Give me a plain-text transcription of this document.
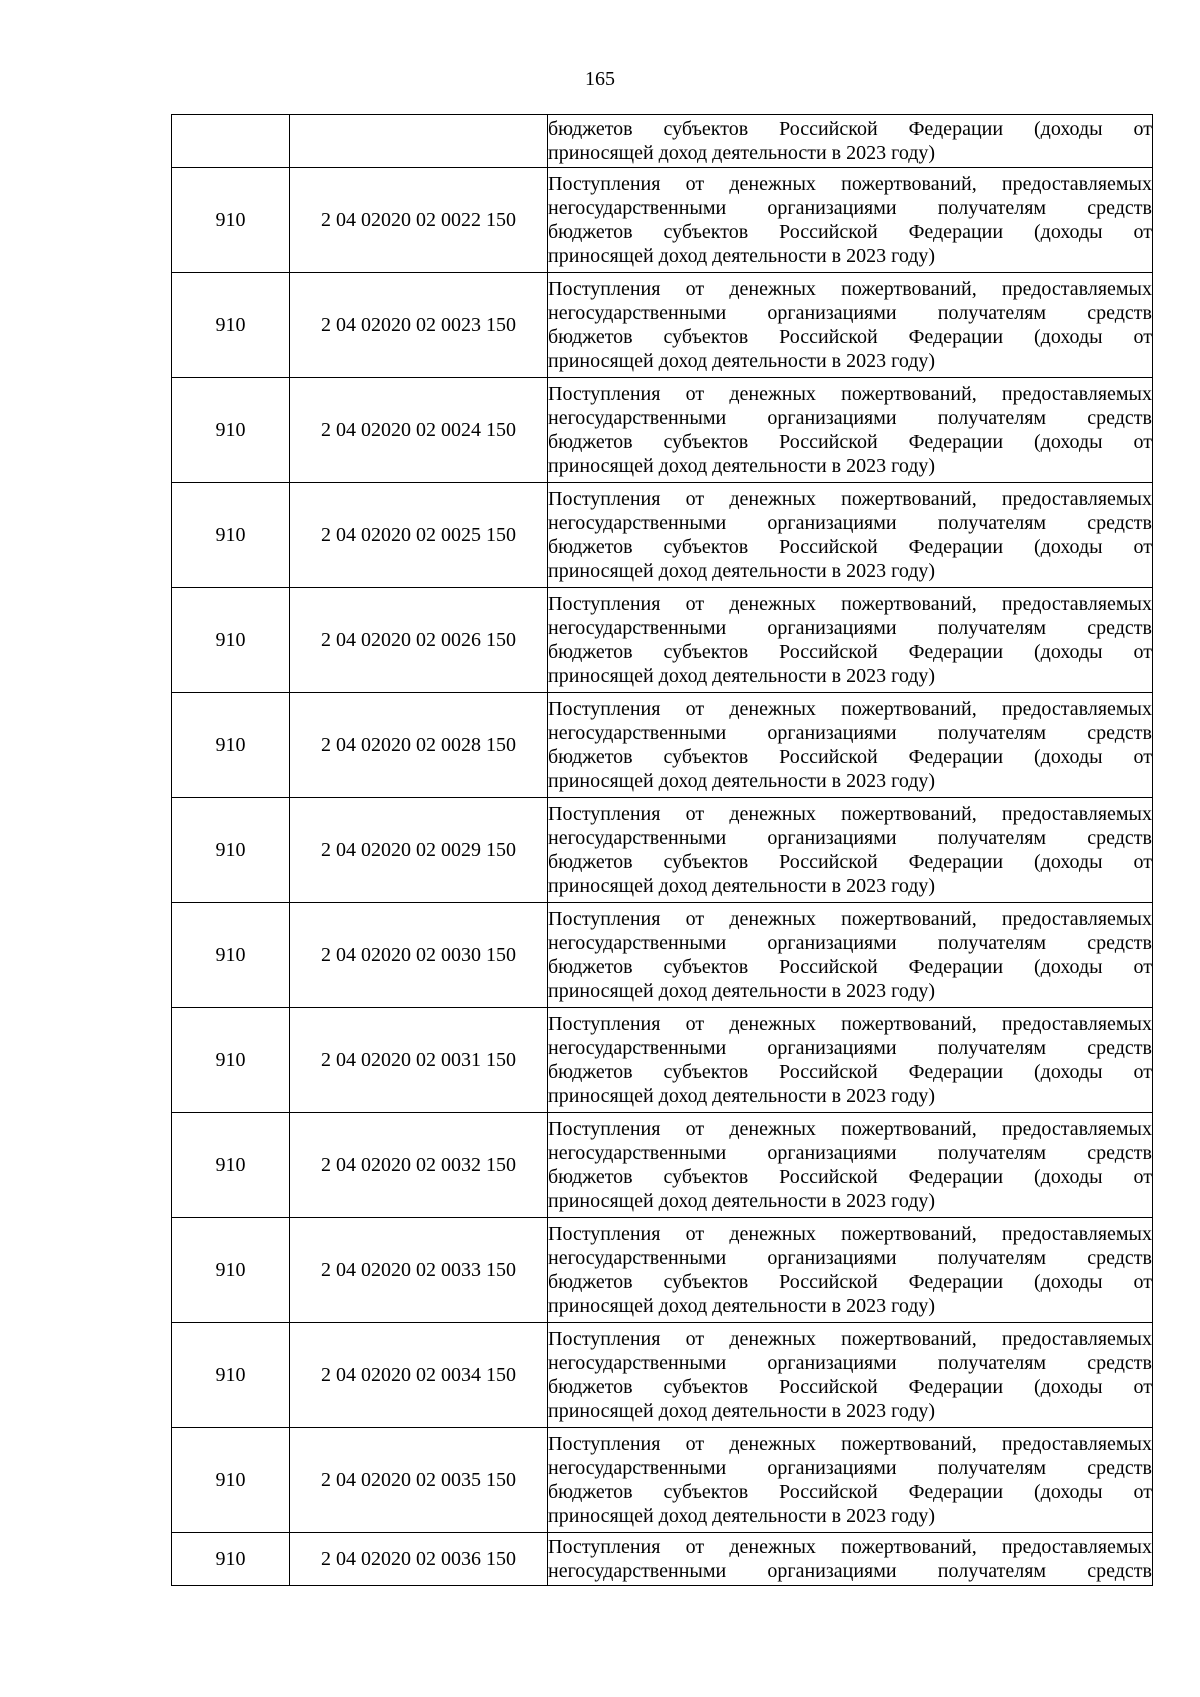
165

		бюджетов субъектов Российской Федерации (доходы от
приносящей доход деятельности в 2023 году)

910	2 04 02020 02 0022 150	Поступления от денежных пожертвований, предоставляемых
негосударственными организациями получателям средств
бюджетов субъектов Российской Федерации (доходы от
приносящей доход деятельности в 2023 году)

910	2 04 02020 02 0023 150	Поступления от денежных пожертвований, предоставляемых
негосударственными организациями получателям средств
бюджетов субъектов Российской Федерации (доходы от
приносящей доход деятельности в 2023 году)

910	2 04 02020 02 0024 150	Поступления от денежных пожертвований, предоставляемых
негосударственными организациями получателям средств
бюджетов субъектов Российской Федерации (доходы от
приносящей доход деятельности в 2023 году)

910	2 04 02020 02 0025 150	Поступления от денежных пожертвований, предоставляемых
негосударственными организациями получателям средств
бюджетов субъектов Российской Федерации (доходы от
приносящей доход деятельности в 2023 году)

910	2 04 02020 02 0026 150	Поступления от денежных пожертвований, предоставляемых
негосударственными организациями получателям средств
бюджетов субъектов Российской Федерации (доходы от
приносящей доход деятельности в 2023 году)

910	2 04 02020 02 0028 150	Поступления от денежных пожертвований, предоставляемых
негосударственными организациями получателям средств
бюджетов субъектов Российской Федерации (доходы от
приносящей доход деятельности в 2023 году)

910	2 04 02020 02 0029 150	Поступления от денежных пожертвований, предоставляемых
негосударственными организациями получателям средств
бюджетов субъектов Российской Федерации (доходы от
приносящей доход деятельности в 2023 году)

910	2 04 02020 02 0030 150	Поступления от денежных пожертвований, предоставляемых
негосударственными организациями получателям средств
бюджетов субъектов Российской Федерации (доходы от
приносящей доход деятельности в 2023 году)

910	2 04 02020 02 0031 150	Поступления от денежных пожертвований, предоставляемых
негосударственными организациями получателям средств
бюджетов субъектов Российской Федерации (доходы от
приносящей доход деятельности в 2023 году)

910	2 04 02020 02 0032 150	Поступления от денежных пожертвований, предоставляемых
негосударственными организациями получателям средств
бюджетов субъектов Российской Федерации (доходы от
приносящей доход деятельности в 2023 году)

910	2 04 02020 02 0033 150	Поступления от денежных пожертвований, предоставляемых
негосударственными организациями получателям средств
бюджетов субъектов Российской Федерации (доходы от
приносящей доход деятельности в 2023 году)

910	2 04 02020 02 0034 150	Поступления от денежных пожертвований, предоставляемых
негосударственными организациями получателям средств
бюджетов субъектов Российской Федерации (доходы от
приносящей доход деятельности в 2023 году)

910	2 04 02020 02 0035 150	Поступления от денежных пожертвований, предоставляемых
негосударственными организациями получателям средств
бюджетов субъектов Российской Федерации (доходы от
приносящей доход деятельности в 2023 году)

910	2 04 02020 02 0036 150	Поступления от денежных пожертвований, предоставляемых
негосударственными организациями получателям средств
